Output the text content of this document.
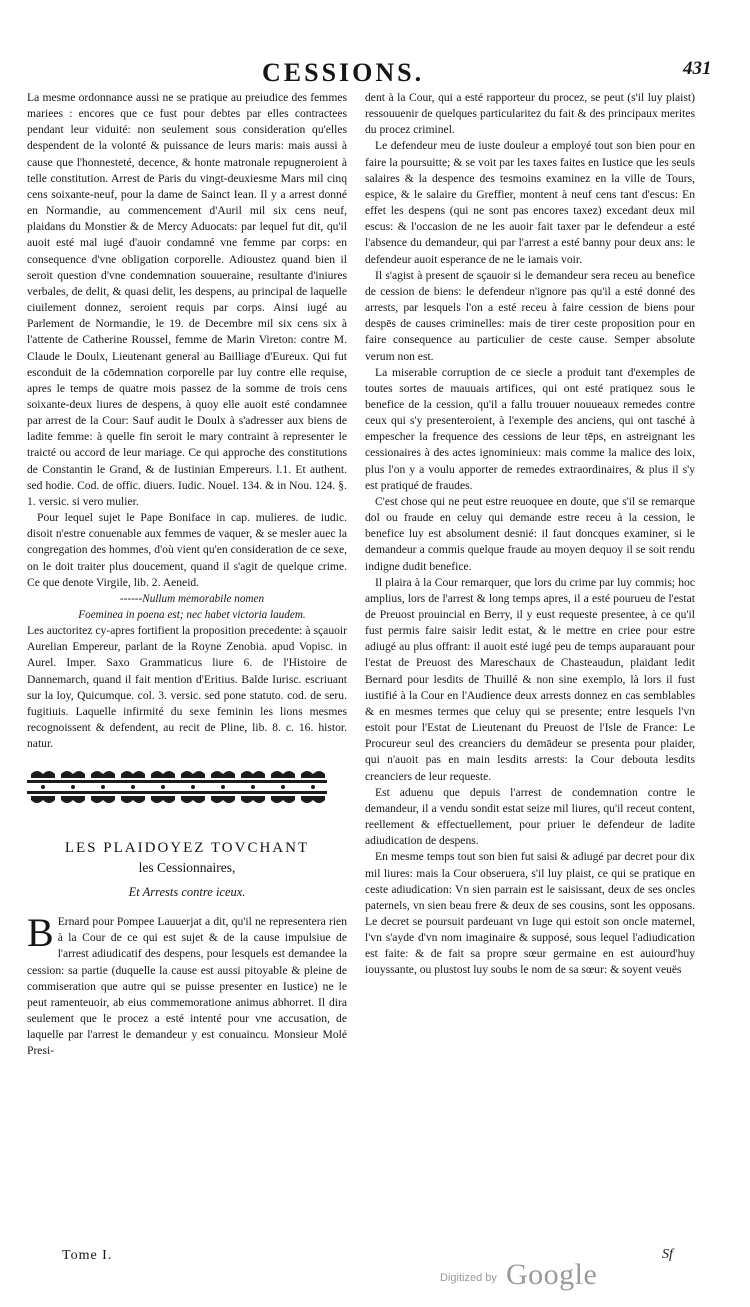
CESSIONS.	431

La mesme ordonnance aussi ne se pratique au preiudice des femmes mariees : encores que ce fust pour debtes par elles contractees pendant leur viduité: non seulement sous consideration qu'elles despendent de la volonté & puissance de leurs maris: mais aussi à cause que l'honnesteté, decence, & honte matronale repugneroient à telle constitution. Arrest de Paris du vingt-deuxiesme Mars mil cinq cens soixante-neuf, pour la dame de Sainct Iean. Il y a arrest donné en Normandie, au commencement d'Auril mil six cens neuf, plaidans du Monstier & de Mercy Aduocats: par lequel fut dit, qu'il auoit esté mal iugé d'auoir condamné vne femme par corps: en consequence d'vne obligation corporelle. Adioustez quand bien il seroit question d'vne condemnation souueraine, resultante d'iniures verbales, de delit, & quasi delit, les despens, au principal de laquelle ciuilement donnez, seroient requis par corps. Ainsi iugé au Parlement de Normandie, le 19. de Decembre mil six cens six à l'attente de Catherine Roussel, femme de Marin Vireton: contre M. Claude le Doulx, Lieutenant general au Bailliage d'Eureux. Qui fut esconduit de la cōdemnation corporelle par luy contre elle requise, apres le temps de quatre mois passez de la somme de trois cens soixante-deux liures de despens, à quoy elle auoit esté condamnee par arrest de la Cour: Sauf audit le Doulx à s'adresser aux biens de ladite femme: à quelle fin seroit le mary contraint à representer le traicté ou accord de leur mariage. Ce qui approche des constitutions de Constantin le Grand, & de Iustinian Empereurs. l.1. Et authent. sed hodie. Cod. de offic. diuers. Iudic. Nouel. 134. & in Nou. 124. §. 1. versic. si vero mulier.

Pour lequel sujet le Pape Boniface in cap. mulieres. de iudic. disoit n'estre conuenable aux femmes de vaquer, & se mesler auec la congregation des hommes, d'où vient qu'en consideration de ce sexe, on le doit traiter plus doucement, quand il s'agit de quelque crime. Ce que denote Virgile, lib. 2. Aeneid.

------Nullum memorabile nomen

Foeminea in poena est; nec habet victoria laudem.

Les auctoritez cy-apres fortifient la proposition precedente: à sçauoir Aurelian Empereur, parlant de la Royne Zenobia. apud Vopisc. in Aurel. Imper. Saxo Grammaticus liure 6. de l'Histoire de Dannemarch, quand il fait mention d'Eritius. Balde Iurisc. escriuant sur la loy, Quicumque. col. 3. versic. sed pone statuto. cod. de seru. fugitiuis. Laquelle infirmité du sexe feminin les lions mesmes recognoissent & defendent, au recit de Pline, lib. 8. c. 16. histor. natur.

LES PLAIDOYEZ TOVCHANT
les Cessionnaires,
Et Arrests contre iceux.

B Ernard pour Pompee Lauuerjat a dit, qu'il ne representera rien à la Cour de ce qui est sujet & de la cause impulsiue de l'arrest adiudicatif des despens, pour lesquels est demandee la cession: sa partie (duquelle la cause est aussi pitoyable & pleine de commiseration que autre qui se puisse presenter en Iustice) ne le peut ramenteuoir, ab eius commemoratione animus abhorret. Il dira seulement que le procez a esté intenté pour vne accusation, de laquelle par l'arrest le demandeur y est conuaincu. Monsieur Molé Presi-

dent à la Cour, qui a esté rapporteur du procez, se peut (s'il luy plaist) ressouuenir de quelques particularitez du fait & des principaux merites du procez criminel.

Le defendeur meu de iuste douleur a employé tout son bien pour en faire la poursuitte; & se voit par les taxes faites en Iustice que les seuls salaires & la despence des tesmoins examinez en la ville de Tours, espice, & le salaire du Greffier, montent à neuf cens tant d'escus: En effet les despens (qui ne sont pas encores taxez) excedant deux mil escus: & l'occasion de ne les auoir fait taxer par le defendeur a esté l'absence du demandeur, qui par l'arrest a esté banny pour deux ans: le defendeur auoit esperance de ne le iamais voir.

Il s'agist à present de sçauoir si le demandeur sera receu au benefice de cession de biens: le defendeur n'ignore pas qu'il a esté donné des arrests, par lesquels l'on a esté receu à faire cession de biens pour despēs de causes criminelles: mais de tirer ceste proposition pour en faire consequence au particulier de ceste cause. Semper absolute verum non est.

La miserable corruption de ce siecle a produit tant d'exemples de toutes sortes de mauuais artifices, qui ont esté pratiquez sous le benefice de la cession, qu'il a fallu trouuer nouueaux remedes contre ceux qui s'y presenteroient, à l'exemple des anciens, qui ont tasché à empescher la frequence des cessions de leur tēps, en astreignant les cessionaires à des actes ignominieux: mais comme la malice des loix, plus l'on y a voulu apporter de remedes extraordinaires, & plus il s'y est pratiqué de fraudes.

C'est chose qui ne peut estre reuoquee en doute, que s'il se remarque dol ou fraude en celuy qui demande estre receu à la cession, le benefice luy est absolument desnié: il faut doncques examiner, si le demandeur a commis quelque fraude au moyen dequoy il se soit rendu indigne dudit benefice.

Il plaira à la Cour remarquer, que lors du crime par luy commis; hoc amplius, lors de l'arrest & long temps apres, il a esté pourueu de l'estat de Preuost prouincial en Berry, il y eust requeste presentee, à ce qu'il fust permis faire saisir ledit estat, & le mettre en criee pour estre adiugé au plus offrant: il auoit esté iugé peu de temps auparauant pour l'estat de Preuost des Mareschaux de Chasteaudun, plaidant ledit Bernard pour lesdits de Thuillé & non sine exemplo, là lors il fust iustifié à la Cour en l'Audience deux arrests donnez en cas semblables & en mesmes termes que celuy qui se presente; entre lesquels l'vn estoit pour l'Estat de Lieutenant du Preuost de l'Isle de France: Le Procureur seul des creanciers du demādeur se presenta pour plaider, qui n'auoit pas en main lesdits arrests: la Cour debouta lesdits creanciers de leur requeste.

Est aduenu que depuis l'arrest de condemnation contre le demandeur, il a vendu sondit estat seize mil liures, qu'il receut content, reellement & effectuellement, pour priuer le defendeur de ladite adiudication de despens.

En mesme temps tout son bien fut saisi & adiugé par decret pour dix mil liures: mais la Cour obseruera, s'il luy plaist, ce qui se pratique en ceste adiudication: Vn sien parrain est le saisissant, deux de ses oncles paternels, vn sien beau frere & deux de ses cousins, sont les opposans. Le decret se poursuit pardeuant vn Iuge qui estoit son oncle maternel, l'vn s'ayde d'vn nom imaginaire & supposé, sous lequel l'adiudication est faite: & de fait sa propre sœur germaine en est auiourd'huy iouyssante, ou plustost luy soubs le nom de sa sœur: & soyent veuës

Tome I.	Sf
Digitized by Google
